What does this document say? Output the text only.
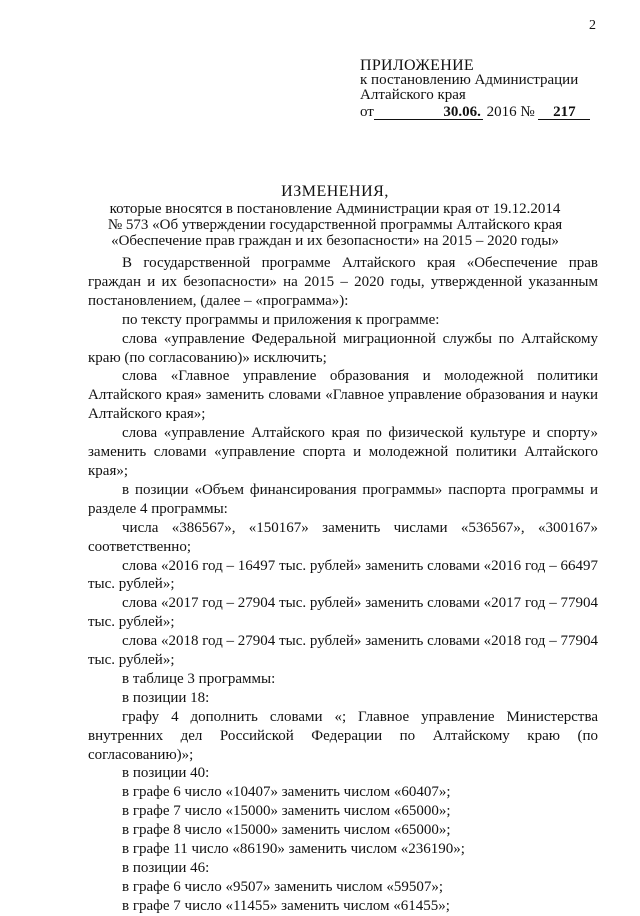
2
ПРИЛОЖЕНИЕ
к постановлению Администрации
Алтайского края
от	30.06. 2016 № 217
ИЗМЕНЕНИЯ,
которые вносятся в постановление Администрации края от 19.12.2014
№ 573 «Об утверждении государственной программы Алтайского края
«Обеспечение прав граждан и их безопасности» на 2015 – 2020 годы»

В государственной программе Алтайского края «Обеспечение прав граждан и их безопасности» на 2015 – 2020 годы, утвержденной указанным постановлением, (далее – «программа»):

по тексту программы и приложения к программе:

слова «управление Федеральной миграционной службы по Алтайскому краю (по согласованию)» исключить;

слова «Главное управление образования и молодежной политики Алтайского края» заменить словами «Главное управление образования и науки Алтайского края»;

слова «управление Алтайского края по физической культуре и спорту» заменить словами «управление спорта и молодежной политики Алтайского края»;

в позиции «Объем финансирования программы» паспорта программы и разделе 4 программы:

числа «386567», «150167» заменить числами «536567», «300167» соответственно;

слова «2016 год – 16497 тыс. рублей» заменить словами «2016 год – 66497 тыс. рублей»;

слова «2017 год – 27904 тыс. рублей» заменить словами «2017 год – 77904 тыс. рублей»;

слова «2018 год – 27904 тыс. рублей» заменить словами «2018 год – 77904 тыс. рублей»;

в таблице 3 программы:

в позиции 18:

графу 4 дополнить словами «; Главное управление Министерства внутренних дел Российской Федерации по Алтайскому краю (по согласованию)»;

в позиции 40:

в графе 6 число «10407» заменить числом «60407»;

в графе 7 число «15000» заменить числом «65000»;

в графе 8 число «15000» заменить числом «65000»;

в графе 11 число «86190» заменить числом «236190»;

в позиции 46:

в графе 6 число «9507» заменить числом «59507»;

в графе 7 число «11455» заменить числом «61455»;
